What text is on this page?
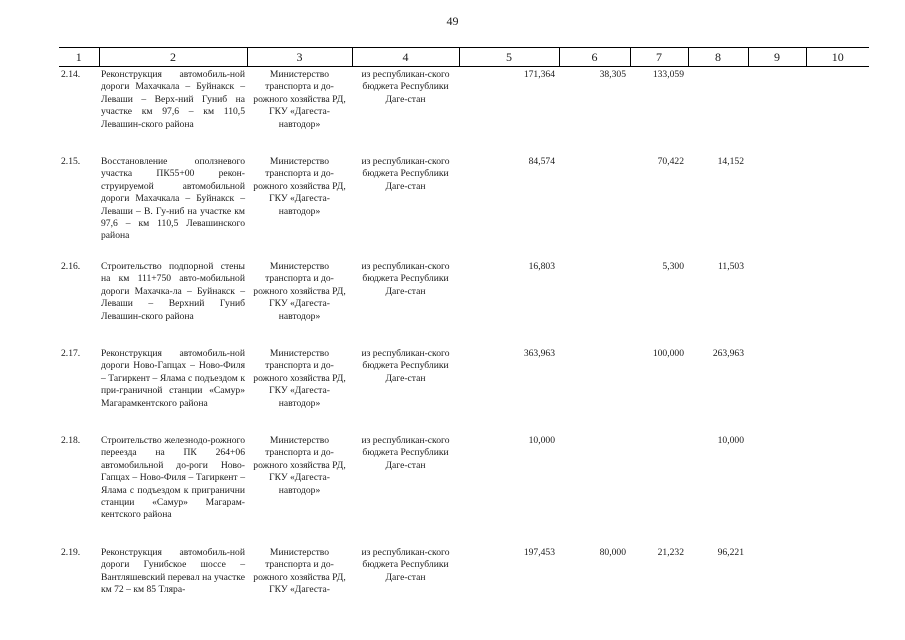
49
1	2	3	4	5	6	7	8	9	10
2.14.	Реконструкция автомобиль-ной дороги Махачкала – Буйнакск – Леваши – Верх-ний Гуниб на участке км 97,6 – км 110,5 Левашин-ского района	Министерство транспорта и до-рожного хозяйства РД, ГКУ «Дагеста-навтодор»	из республикан-ского бюджета Республики Даге-стан	171,364	38,305	133,059			
2.15.	Восстановление оползневого участка ПК55+00 рекон-струируемой автомобильной дороги Махачкала – Буйнакск – Леваши – В. Гу-ниб на участке км 97,6 – км 110,5 Левашинского района	Министерство транспорта и до-рожного хозяйства РД, ГКУ «Дагеста-навтодор»	из республикан-ского бюджета Республики Даге-стан	84,574		70,422	14,152		
2.16.	Строительство подпорной стены на км 111+750 авто-мобильной дороги Махачка-ла – Буйнакск – Леваши – Верхний Гуниб Левашин-ского района	Министерство транспорта и до-рожного хозяйства РД, ГКУ «Дагеста-навтодор»	из республикан-ского бюджета Республики Даге-стан	16,803		5,300	11,503		
2.17.	Реконструкция автомобиль-ной дороги Ново-Гапцах – Ново-Филя – Тагиркент – Ялама с подъездом к при-граничной станции «Самур» Магарамкентского района	Министерство транспорта и до-рожного хозяйства РД, ГКУ «Дагеста-навтодор»	из республикан-ского бюджета Республики Даге-стан	363,963		100,000	263,963		
2.18.	Строительство железнодо-рожного переезда на ПК 264+06 автомобильной до-роги Ново-Гапцах – Ново-Филя – Тагиркент – Ялама с подъездом к пригранични станции «Самур» Магарам-кентского района	Министерство транспорта и до-рожного хозяйства РД, ГКУ «Дагеста-навтодор»	из республикан-ского бюджета Республики Даге-стан	10,000			10,000		
2.19.	Реконструкция автомобиль-ной дороги Гунибское шоссе – Вантляшевский перевал на участке км 72 – км 85 Тляра-	Министерство транспорта и до-рожного хозяйства РД, ГКУ «Дагеста-	из республикан-ского бюджета Республики Даге-стан	197,453	80,000	21,232	96,221		
